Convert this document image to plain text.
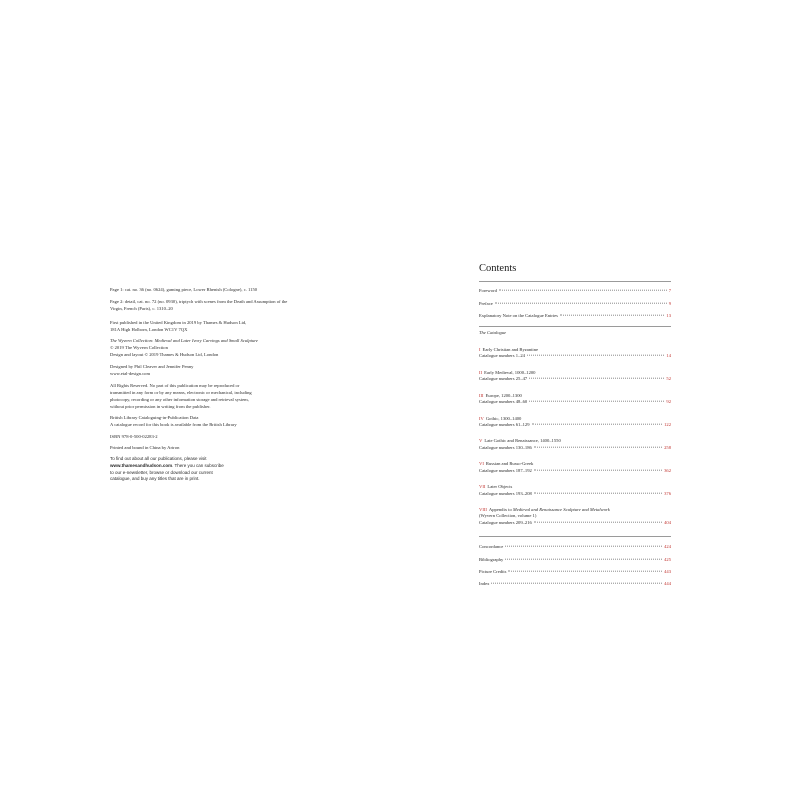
Page 1: cat. no. 36 (no. 0624), gaming piece, Lower Rhenish (Cologne), c. 1150
Page 2: detail, cat. no. 72 (no. 0930), triptych with scenes from the Death and Assumption of the Virgin, French (Paris), c. 1310–20
First published in the United Kingdom in 2019 by Thames & Hudson Ltd,
181A High Holborn, London WC1V 7QX
The Wyvern Collection: Medieval and Later Ivory Carvings and Small Sculpture
© 2019 The Wyvern Collection
Design and layout © 2019 Thames & Hudson Ltd, London
Designed by Phil Cleaver and Jennifer Penny
www.etal-design.com
All Rights Reserved. No part of this publication may be reproduced or
transmitted in any form or by any means, electronic or mechanical, including
photocopy, recording or any other information storage and retrieval system,
without prior permission in writing from the publisher.
British Library Cataloguing-in-Publication Data
A catalogue record for this book is available from the British Library
ISBN 978-0-500-02283-2
Printed and bound in China by Artron
To find out about all our publications, please visit
www.thamesandhudson.com. There you can subscribe
to our e-newsletter, browse or download our current
catalogue, and buy any titles that are in print.
Contents
Foreword	7
Preface	9
Explanatory Note on the Catalogue Entries	13
The Catalogue
I Early Christian and Byzantine
Catalogue numbers 1–24	14
II Early Medieval, 1000–1200
Catalogue numbers 25–47	52
III Europe, 1200–1300
Catalogue numbers 48–60	92
IV Gothic, 1300–1400
Catalogue numbers 61–129	122
V Late Gothic and Renaissance, 1400–1550
Catalogue numbers 130–186	258
VI Russian and Russo-Greek
Catalogue numbers 187–192	362
VII Later Objects
Catalogue numbers 193–208	376
VIII Appendix to Medieval and Renaissance Sculpture and Metalwork
(Wyvern Collection, volume 1)
Catalogue numbers 209–216	404
Concordance	424
Bibliography	425
Picture Credits	443
Index	444
